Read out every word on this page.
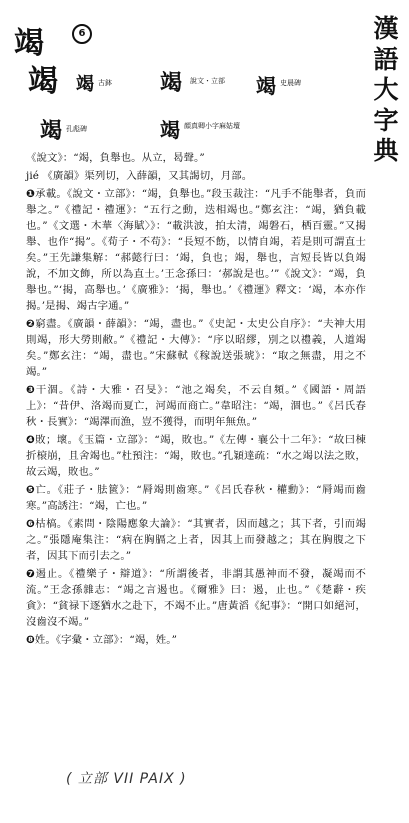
漢
語
大
字
典
竭	6
竭 竭 古鉢 竭 說文・立部 竭 史晨碑
竭 孔彪碑	竭 顔真卿小字麻姑壇

《說文》：“竭，負舉也。从立，曷聲。”

jié 《廣韻》渠列切，入薛韻，又其謁切，月部。

❶承載。《說文・立部》：“竭，負舉也。”段玉裁注：“凡手不能舉者，負而舉之。”《禮記・禮運》：“五行之動，迭相竭也。”鄭玄注：“竭，猶負載也。”《文選・木華〈海賦〉》：“載洪波，拍太清，竭磐石，栖百靈。”又揭舉、也作“揭”。《荀子・不苟》：“長短不飭，以情自竭，若是則可謂直士矣。”王先謙集解：“郝懿行曰：‘竭，負也；竭，舉也，言短長皆以負竭說，不加文飾，所以為直士。’王念孫曰：‘郝說是也。’”《說文》：“竭，負舉也。”‘揭，高舉也。’《廣雅》：‘揭，舉也。’《禮運》釋文：‘竭，本亦作揭。’是揭、竭古字通。”

❷窮盡。《廣韻・薛韻》：“竭，盡也。”《史記・太史公自序》：“夫神大用則竭，形大勞則敝。”《禮記・大傳》：“序以昭繆，別之以禮義，人道竭矣。”鄭玄注：“竭，盡也。”宋蘇軾《稼說送張琥》：“取之無盡，用之不竭。”

❸干涸。《詩・大雅・召旻》：“池之竭矣，不云自頻。”《國語・周語上》：“昔伊、洛竭而夏亡，河竭而商亡。”韋昭注：“竭，涸也。”《呂氏春秋・長實》：“竭澤而漁，豈不獲得，而明年無魚。”

❹敗；壞。《玉篇・立部》：“竭，敗也。”《左傳・襄公十二年》：“故曰棟折榱崩，且舍竭也。”杜預注：“竭，敗也。”孔穎達疏：“水之竭以法之敗，故云竭，敗也。”

❺亡。《莊子・胠篋》：“脣竭則齒寒。”《呂氏春秋・權勳》：“脣竭而齒寒。”高誘注：“竭，亡也。”

❻枯槁。《素問・陰陽應象大論》：“其實者，因而越之；其下者，引而竭之。”張隱庵集注：“病在胸膈之上者，因其上而發越之；其在胸腹之下者，因其下而引去之。”

❼遏止。《禮樂子・辯道》：“所謂後者，非謂其愚神而不發，凝竭而不流。”王念孫雜志：“竭之言遏也。《爾雅》曰：遏，止也。”《楚辭・疾貪》：“貧禄下逐猶水之赴下，不竭不止。”唐黃滔《紀事》：“開口如絕河，沒齒沒不竭。”

❽姓。《字彙・立部》：“竭，姓。”

( 立部 VII PAIX )
